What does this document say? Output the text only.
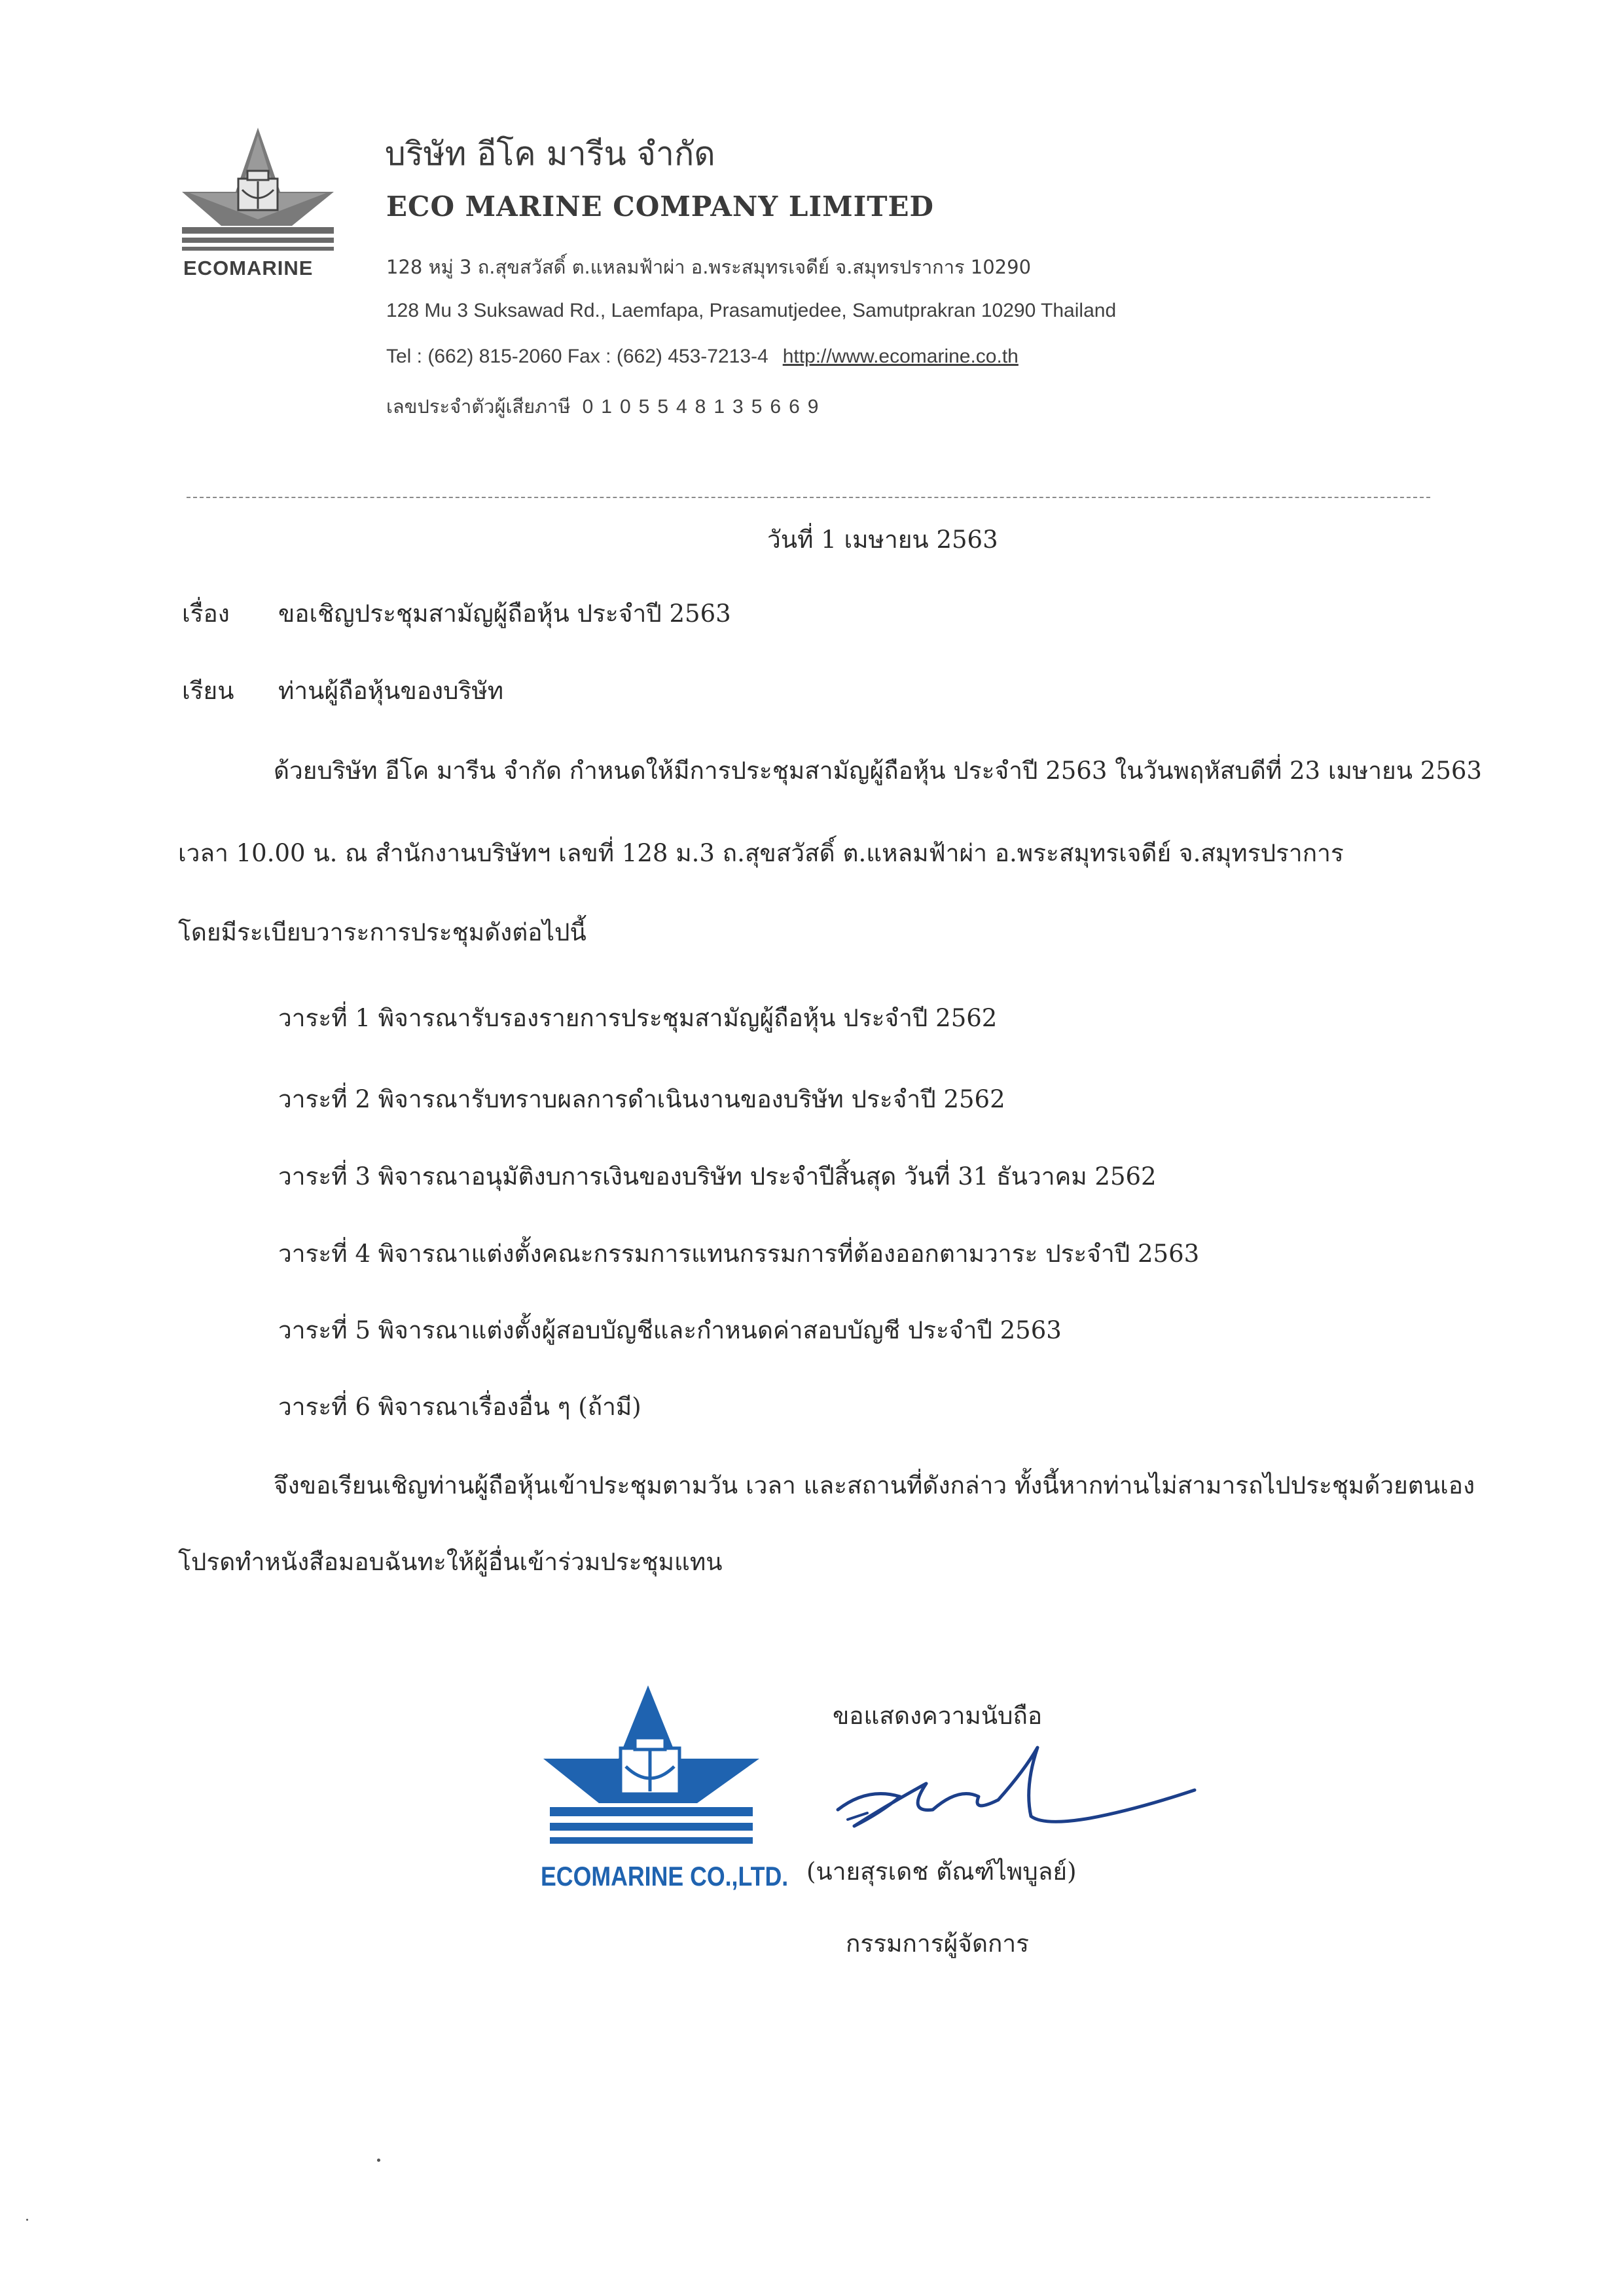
ECOMARINE
บริษัท อีโค มารีน จำกัด
ECO MARINE COMPANY LIMITED
128 หมู่ 3 ถ.สุขสวัสดิ์ ต.แหลมฟ้าผ่า อ.พระสมุทรเจดีย์ จ.สมุทรปราการ 10290
128 Mu 3 Suksawad Rd., Laemfapa, Prasamutjedee, Samutprakran 10290 Thailand
Tel : (662) 815-2060 Fax : (662) 453-7213-4 http://www.ecomarine.co.th
เลขประจำตัวผู้เสียภาษี 0105548135669
วันที่ 1 เมษายน 2563
เรื่อง ขอเชิญประชุมสามัญผู้ถือหุ้น ประจำปี 2563
เรียน ท่านผู้ถือหุ้นของบริษัท
ด้วยบริษัท อีโค มารีน จำกัด กำหนดให้มีการประชุมสามัญผู้ถือหุ้น ประจำปี 2563 ในวันพฤหัสบดีที่ 23 เมษายน 2563
เวลา 10.00 น. ณ สำนักงานบริษัทฯ เลขที่ 128 ม.3 ถ.สุขสวัสดิ์ ต.แหลมฟ้าผ่า อ.พระสมุทรเจดีย์ จ.สมุทรปราการ
โดยมีระเบียบวาระการประชุมดังต่อไปนี้
วาระที่ 1 พิจารณารับรองรายการประชุมสามัญผู้ถือหุ้น ประจำปี 2562
วาระที่ 2 พิจารณารับทราบผลการดำเนินงานของบริษัท ประจำปี 2562
วาระที่ 3 พิจารณาอนุมัติงบการเงินของบริษัท ประจำปีสิ้นสุด วันที่ 31 ธันวาคม 2562
วาระที่ 4 พิจารณาแต่งตั้งคณะกรรมการแทนกรรมการที่ต้องออกตามวาระ ประจำปี 2563
วาระที่ 5 พิจารณาแต่งตั้งผู้สอบบัญชีและกำหนดค่าสอบบัญชี ประจำปี 2563
วาระที่ 6 พิจารณาเรื่องอื่น ๆ (ถ้ามี)
จึงขอเรียนเชิญท่านผู้ถือหุ้นเข้าประชุมตามวัน เวลา และสถานที่ดังกล่าว ทั้งนี้หากท่านไม่สามารถไปประชุมด้วยตนเอง
โปรดทำหนังสือมอบฉันทะให้ผู้อื่นเข้าร่วมประชุมแทน
ECOMARINE CO.,LTD.
ขอแสดงความนับถือ
(นายสุรเดช ตัณฑ์ไพบูลย์)
กรรมการผู้จัดการ
